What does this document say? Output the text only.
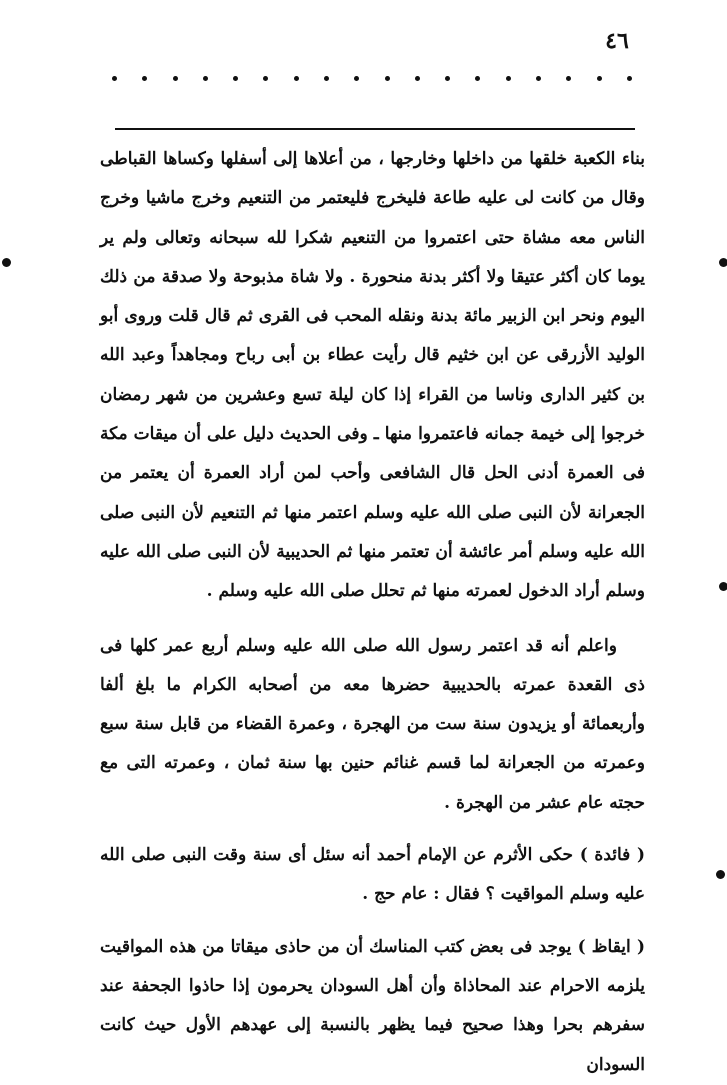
٤٦

بناء الكعبة خلقها من داخلها وخارجها ، من أعلاها إلى أسفلها وكساها القباطى وقال من كانت لى عليه طاعة فليخرج فليعتمر من التنعيم وخرج ماشيا وخرج الناس معه مشاة حتى اعتمروا من التنعيم شكرا لله سبحانه وتعالى ولم ير يوما كان أكثر عتيقا ولا أكثر بدنة منحورة . ولا شاة مذبوحة ولا صدقة من ذلك اليوم ونحر ابن الزبير مائة بدنة ونقله المحب فى القرى ثم قال قلت وروى أبو الوليد الأزرقى عن ابن خثيم قال رأيت عطاء بن أبى رباح ومجاهداً وعبد الله بن كثير الدارى وناسا من القراء إذا كان ليلة تسع وعشرين من شهر رمضان خرجوا إلى خيمة جمانه فاعتمروا منها ـ وفى الحديث دليل على أن ميقات مكة فى العمرة أدنى الحل قال الشافعى وأحب لمن أراد العمرة أن يعتمر من الجعرانة لأن النبى صلى الله عليه وسلم اعتمر منها ثم التنعيم لأن النبى صلى الله عليه وسلم أمر عائشة أن تعتمر منها ثم الحديبية لأن النبى صلى الله عليه وسلم أراد الدخول لعمرته منها ثم تحلل صلى الله عليه وسلم .

واعلم أنه قد اعتمر رسول الله صلى الله عليه وسلم أربع عمر كلها فى ذى القعدة عمرته بالحديبية حضرها معه من أصحابه الكرام ما بلغ ألفا وأربعمائة أو يزيدون سنة ست من الهجرة ، وعمرة القضاء من قابل سنة سبع وعمرته من الجعرانة لما قسم غنائم حنين بها سنة ثمان ، وعمرته التى مع حجته عام عشر من الهجرة .

( فائدة ) حكى الأثرم عن الإمام أحمد أنه سئل أى سنة وقت النبى صلى الله عليه وسلم المواقيت ؟ فقال : عام حج .

( ايقاظ ) يوجد فى بعض كتب المناسك أن من حاذى ميقاتا من هذه المواقيت يلزمه الاحرام عند المحاذاة وأن أهل السودان يحرمون إذا حاذوا الجحفة عند سفرهم بحرا وهذا صحيح فيما يظهر بالنسبة إلى عهدهم الأول حيث كانت السودان
